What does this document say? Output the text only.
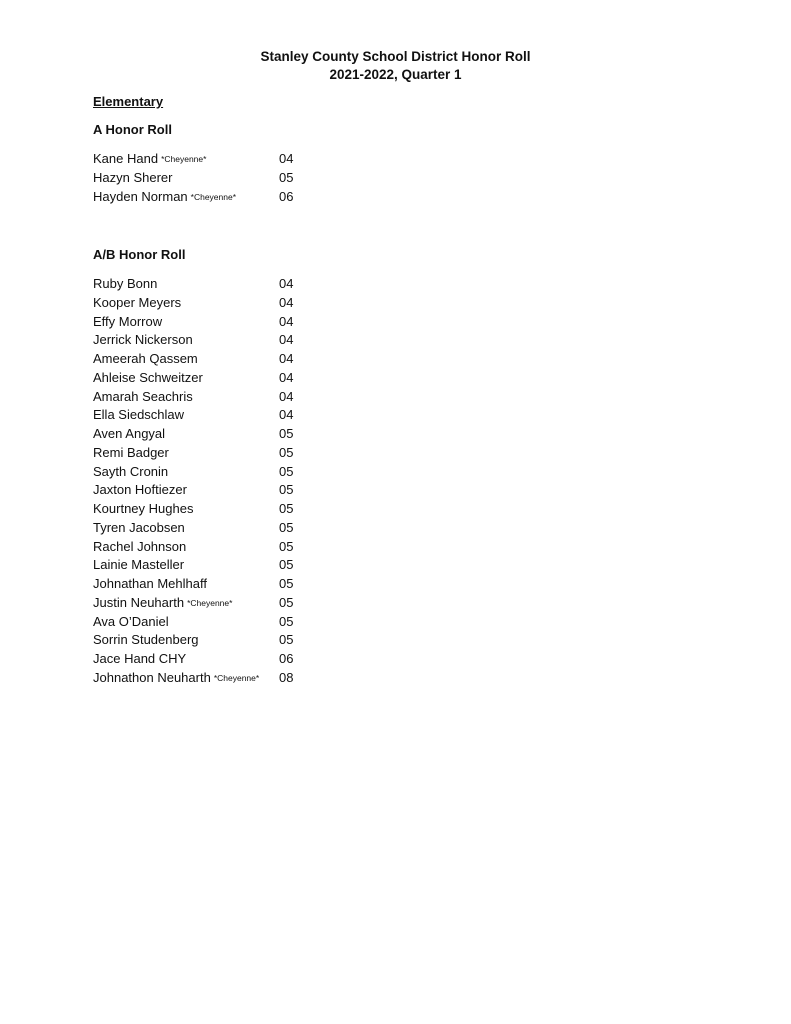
Stanley County School District Honor Roll
2021-2022, Quarter 1
Elementary
A Honor Roll
Kane Hand *Cheyenne*	04
Hazyn Sherer	05
Hayden Norman *Cheyenne*	06
A/B Honor Roll
Ruby Bonn	04
Kooper Meyers	04
Effy Morrow	04
Jerrick Nickerson	04
Ameerah Qassem	04
Ahleise Schweitzer	04
Amarah Seachris	04
Ella Siedschlaw	04
Aven Angyal	05
Remi Badger	05
Sayth Cronin	05
Jaxton Hoftiezer	05
Kourtney Hughes	05
Tyren Jacobsen	05
Rachel Johnson	05
Lainie Masteller	05
Johnathan Mehlhaff	05
Justin Neuharth *Cheyenne*	05
Ava O’Daniel	05
Sorrin Studenberg	05
Jace Hand CHY	06
Johnathon Neuharth *Cheyenne* 08
